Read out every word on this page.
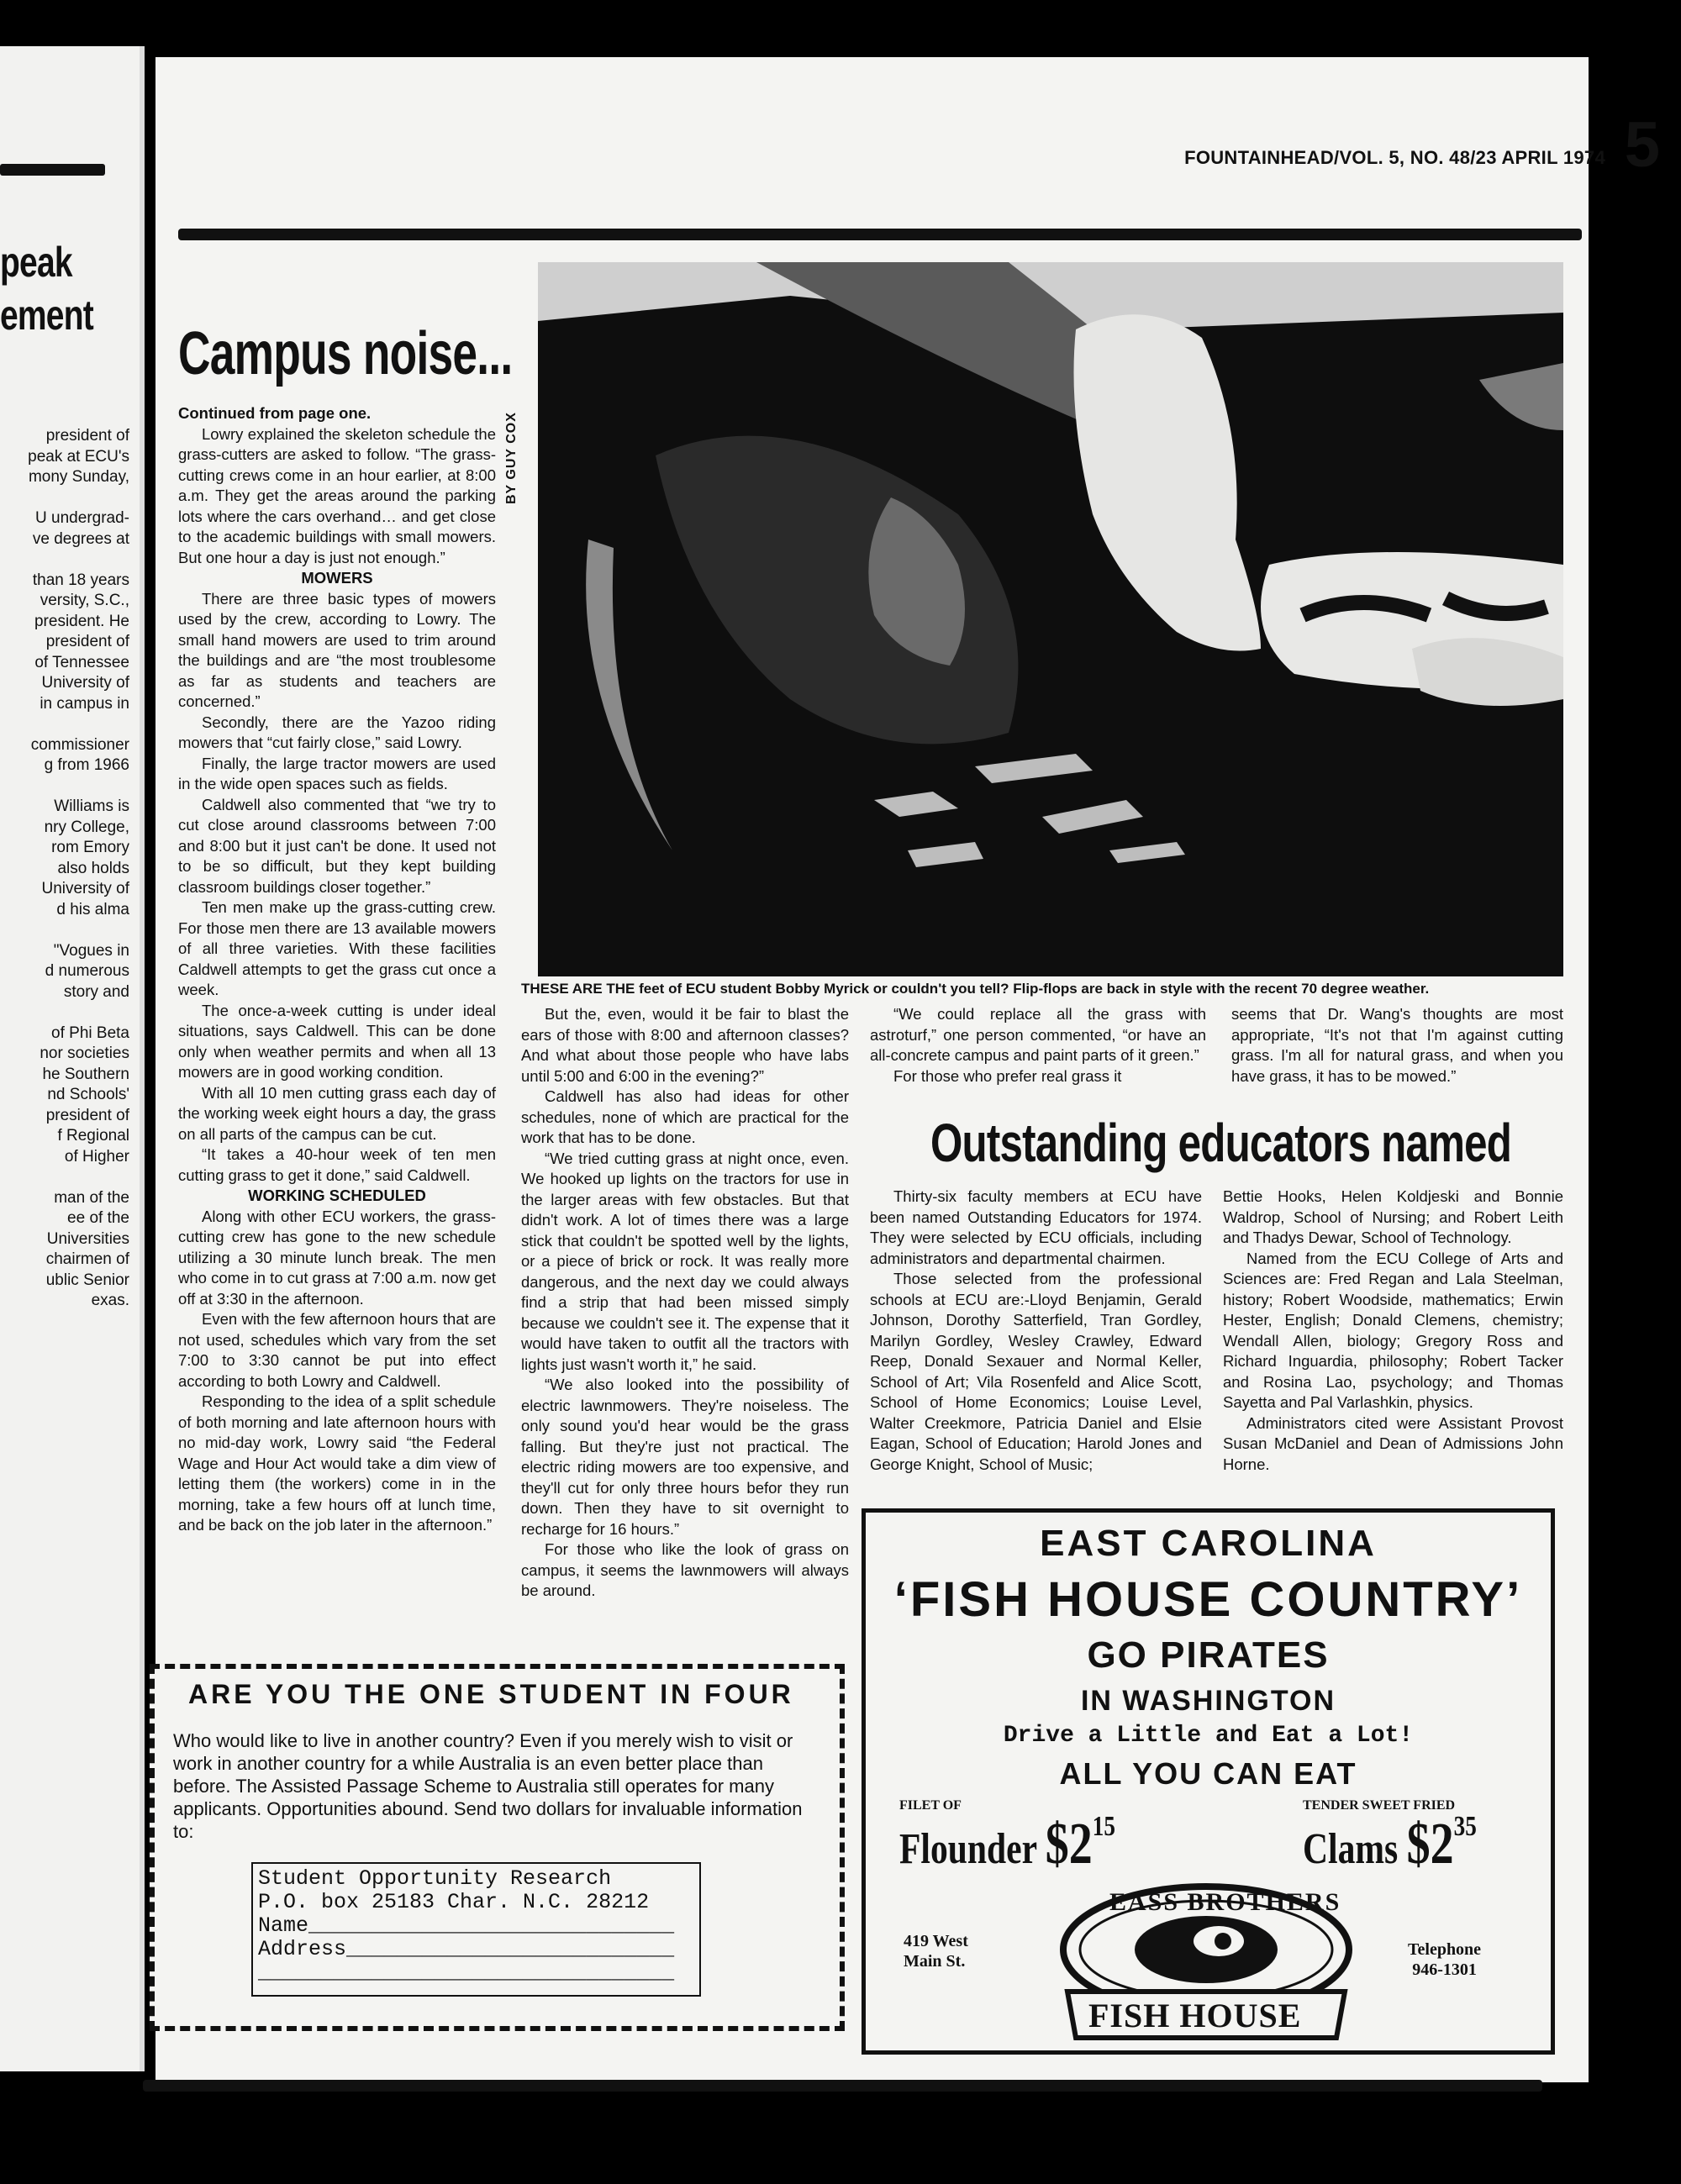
peak
ement
president of
peak at ECU's
mony Sunday,
U undergrad-
ve degrees at
than 18 years
versity, S.C.,
president. He
president of
of Tennessee
University of
in campus in
commissioner
g from 1966
Williams is
nry College,
rom Emory
also holds
University of
d his alma
"Vogues in
d numerous
story and
of Phi Beta
nor societies
he Southern
nd Schools'
president of
f Regional
of Higher
man of the
ee of the
Universities
chairmen of
ublic Senior
exas.
FOUNTAINHEAD/VOL. 5, NO. 48/23 APRIL 1974 5
Campus noise...

Continued from page one.

Lowry explained the skeleton schedule the grass-cutters are asked to follow. “The grass-cutting crews come in an hour earlier, at 8:00 a.m. They get the areas around the parking lots where the cars overhand… and get close to the academic buildings with small mowers. But one hour a day is just not enough.”

MOWERS

There are three basic types of mowers used by the crew, according to Lowry. The small hand mowers are used to trim around the buildings and are “the most troublesome as far as students and teachers are concerned.”

Secondly, there are the Yazoo riding mowers that “cut fairly close,” said Lowry.

Finally, the large tractor mowers are used in the wide open spaces such as fields.

Caldwell also commented that “we try to cut close around classrooms between 7:00 and 8:00 but it just can't be done. It used not to be so difficult, but they kept building classroom buildings closer together.”

Ten men make up the grass-cutting crew. For those men there are 13 available mowers of all three varieties. With these facilities Caldwell attempts to get the grass cut once a week.

The once-a-week cutting is under ideal situations, says Caldwell. This can be done only when weather permits and when all 13 mowers are in good working condition.

With all 10 men cutting grass each day of the working week eight hours a day, the grass on all parts of the campus can be cut.

“It takes a 40-hour week of ten men cutting grass to get it done,” said Caldwell.

WORKING SCHEDULED

Along with other ECU workers, the grass-cutting crew has gone to the new schedule utilizing a 30 minute lunch break. The men who come in to cut grass at 7:00 a.m. now get off at 3:30 in the afternoon.

Even with the few afternoon hours that are not used, schedules which vary from the set 7:00 to 3:30 cannot be put into effect according to both Lowry and Caldwell.

Responding to the idea of a split schedule of both morning and late afternoon hours with no mid-day work, Lowry said “the Federal Wage and Hour Act would take a dim view of letting them (the workers) come in in the morning, take a few hours off at lunch time, and be back on the job later in the afternoon.”

BY GUY COX
THESE ARE THE feet of ECU student Bobby Myrick or couldn't you tell? Flip-flops are back in style with the recent 70 degree weather.

But the, even, would it be fair to blast the ears of those with 8:00 and afternoon classes? And what about those people who have labs until 5:00 and 6:00 in the evening?”

Caldwell has also had ideas for other schedules, none of which are practical for the work that has to be done.

“We tried cutting grass at night once, even. We hooked up lights on the tractors for use in the larger areas with few obstacles. But that didn't work. A lot of times there was a large stick that couldn't be spotted well by the lights, or a piece of brick or rock. It was really more dangerous, and the next day we could always find a strip that had been missed simply because we couldn't see it. The expense that it would have taken to outfit all the tractors with lights just wasn't worth it,” he said.

“We also looked into the possibility of electric lawnmowers. They're noiseless. The only sound you'd hear would be the grass falling. But they're just not practical. The electric riding mowers are too expensive, and they'll cut for only three hours befor they run down. Then they have to sit overnight to recharge for 16 hours.”

For those who like the look of grass on campus, it seems the lawnmowers will always be around.

“We could replace all the grass with astroturf,” one person commented, “or have an all-concrete campus and paint parts of it green.”

For those who prefer real grass it

seems that Dr. Wang's thoughts are most appropriate, “It's not that I'm against cutting grass. I'm all for natural grass, and when you have grass, it has to be mowed.”

Outstanding educators named

Thirty-six faculty members at ECU have been named Outstanding Educators for 1974. They were selected by ECU officials, including administrators and departmental chairmen.

Those selected from the professional schools at ECU are:-Lloyd Benjamin, Gerald Johnson, Dorothy Satterfield, Tran Gordley, Marilyn Gordley, Wesley Crawley, Edward Reep, Donald Sexauer and Normal Keller, School of Art; Vila Rosenfeld and Alice Scott, School of Home Economics; Louise Level, Walter Creekmore, Patricia Daniel and Elsie Eagan, School of Education; Harold Jones and George Knight, School of Music;

Bettie Hooks, Helen Koldjeski and Bonnie Waldrop, School of Nursing; and Robert Leith and Thadys Dewar, School of Technology.

Named from the ECU College of Arts and Sciences are: Fred Regan and Lala Steelman, history; Robert Woodside, mathematics; Erwin Hester, English; Donald Clemens, chemistry; Wendall Allen, biology; Gregory Ross and Richard Inguardia, philosophy; Robert Tacker and Rosina Lao, psychology; and Thomas Sayetta and Pal Varlashkin, physics.

Administrators cited were Assistant Provost Susan McDaniel and Dean of Admissions John Horne.

ARE YOU THE ONE STUDENT IN FOUR
Who would like to live in another country? Even if you merely wish to visit or work in another country for a while Australia is an even better place than before. The Assisted Passage Scheme to Australia still operates for many applicants. Opportunities abound. Send two dollars for invaluable information to:
Student Opportunity Research
P.O. box 25183 Char. N.C. 28212
Name_____________________________
Address__________________________
_________________________________
EAST CAROLINA
‘FISH HOUSE COUNTRY’
GO PIRATES
IN WASHINGTON
Drive a Little and Eat a Lot!
ALL YOU CAN EAT
FILET OF
Flounder $\$2^{15}$
TENDER SWEET FRIED
Clams $\$2^{35}$
EASS BROTHERS
FISH HOUSE
419 West
Main St.
Telephone
946-1301
